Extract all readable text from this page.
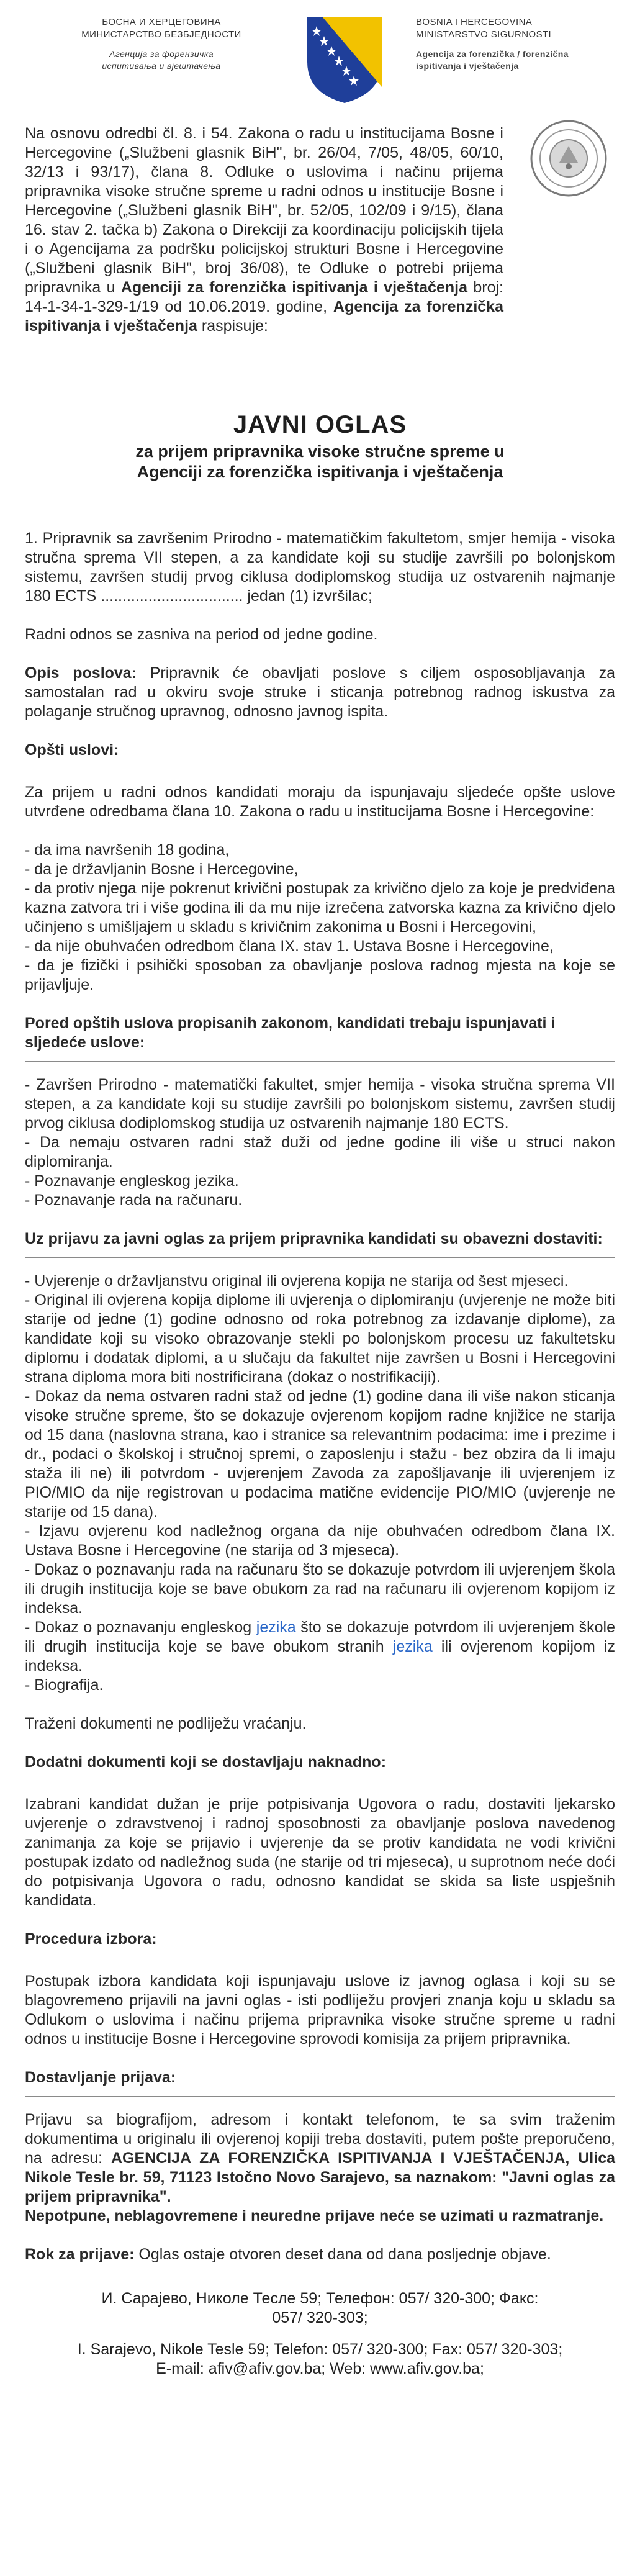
БОСНА И ХЕРЦЕГОВИНА
МИНИСТАРСТВО БЕЗБЈЕДНОСТИ
Агенција за форензичка
испитивања и вјештачења
BOSNIA I HERCEGOVINA
MINISTARSTVO SIGURNOSTI
Agencija za forenzička / forenzična
ispitivanja i vještačenja

Na osnovu odredbi čl. 8. i 54. Zakona o radu u institucijama Bosne i Hercegovine („Službeni glasnik BiH", br. 26/04, 7/05, 48/05, 60/10, 32/13 i 93/17), člana 8. Odluke o uslovima i načinu prijema pripravnika visoke stručne spreme u radni odnos u institucije Bosne i Hercegovine („Službeni glasnik BiH", br. 52/05, 102/09 i 9/15), člana 16. stav 2. tačka b) Zakona o Direkciji za koordinaciju policijskih tijela i o Agencijama za podršku policijskoj strukturi Bosne i Hercegovine („Službeni glasnik BiH", broj 36/08), te Odluke o potrebi prijema pripravnika u Agenciji za forenzička ispitivanja i vještačenja broj: 14-1-34-1-329-1/19 od 10.06.2019. godine, Agencija za forenzička ispitivanja i vještačenja raspisuje:

JAVNI OGLAS
za prijem pripravnika visoke stručne spreme u
Agenciji za forenzička ispitivanja i vještačenja

1. Pripravnik sa završenim Prirodno - matematičkim fakultetom, smjer hemija - visoka stručna sprema VII stepen, a za kandidate koji su studije završili po bolonjskom sistemu, završen studij prvog ciklusa dodiplomskog studija uz ostvarenih najmanje 180 ECTS ................................. jedan (1) izvršilac;

Radni odnos se zasniva na period od jedne godine.

Opis poslova: Pripravnik će obavljati poslove s ciljem osposobljavanja za samostalan rad u okviru svoje struke i sticanja potrebnog radnog iskustva za polaganje stručnog upravnog, odnosno javnog ispita.

Opšti uslovi:

Za prijem u radni odnos kandidati moraju da ispunjavaju sljedeće opšte uslove utvrđene odredbama člana 10. Zakona o radu u institucijama Bosne i Hercegovine:

- da ima navršenih 18 godina,

- da je državljanin Bosne i Hercegovine,

- da protiv njega nije pokrenut krivični postupak za krivično djelo za koje je predviđena kazna zatvora tri i više godina ili da mu nije izrečena zatvorska kazna za krivično djelo učinjeno s umišljajem u skladu s krivičnim zakonima u Bosni i Hercegovini,

- da nije obuhvaćen odredbom člana IX. stav 1. Ustava Bosne i Hercegovine,

- da je fizički i psihički sposoban za obavljanje poslova radnog mjesta na koje se prijavljuje.

Pored opštih uslova propisanih zakonom, kandidati trebaju ispunjavati i sljedeće uslove:

- Završen Prirodno - matematički fakultet, smjer hemija - visoka stručna sprema VII stepen, a za kandidate koji su studije završili po bolonjskom sistemu, završen studij prvog ciklusa dodiplomskog studija uz ostvarenih najmanje 180 ECTS.

- Da nemaju ostvaren radni staž duži od jedne godine ili više u struci nakon diplomiranja.

- Poznavanje engleskog jezika.

- Poznavanje rada na računaru.

Uz prijavu za javni oglas za prijem pripravnika kandidati su obavezni dostaviti:

- Uvjerenje o državljanstvu original ili ovjerena kopija ne starija od šest mjeseci.

- Original ili ovjerena kopija diplome ili uvjerenja o diplomiranju (uvjerenje ne može biti starije od jedne (1) godine odnosno od roka potrebnog za izdavanje diplome), za kandidate koji su visoko obrazovanje stekli po bolonjskom procesu uz fakultetsku diplomu i dodatak diplomi, a u slučaju da fakultet nije završen u Bosni i Hercegovini strana diploma mora biti nostrificirana (dokaz o nostrifikaciji).

- Dokaz da nema ostvaren radni staž od jedne (1) godine dana ili više nakon sticanja visoke stručne spreme, što se dokazuje ovjerenom kopijom radne knjižice ne starija od 15 dana (naslovna strana, kao i stranice sa relevantnim podacima: ime i prezime i dr., podaci o školskoj i stručnoj spremi, o zaposlenju i stažu - bez obzira da li imaju staža ili ne) ili potvrdom - uvjerenjem Zavoda za zapošljavanje ili uvjerenjem iz PIO/MIO da nije registrovan u podacima matične evidencije PIO/MIO (uvjerenje ne starije od 15 dana).

- Izjavu ovjerenu kod nadležnog organa da nije obuhvaćen odredbom člana IX. Ustava Bosne i Hercegovine (ne starija od 3 mjeseca).

- Dokaz o poznavanju rada na računaru što se dokazuje potvrdom ili uvjerenjem škola ili drugih institucija koje se bave obukom za rad na računaru ili ovjerenom kopijom iz indeksa.

- Dokaz o poznavanju engleskog jezika što se dokazuje potvrdom ili uvjerenjem škole ili drugih institucija koje se bave obukom stranih jezika ili ovjerenom kopijom iz indeksa.

- Biografija.

Traženi dokumenti ne podliježu vraćanju.

Dodatni dokumenti koji se dostavljaju naknadno:

Izabrani kandidat dužan je prije potpisivanja Ugovora o radu, dostaviti ljekarsko uvjerenje o zdravstvenoj i radnoj sposobnosti za obavljanje poslova navedenog zanimanja za koje se prijavio i uvjerenje da se protiv kandidata ne vodi krivični postupak izdato od nadležnog suda (ne starije od tri mjeseca), u suprotnom neće doći do potpisivanja Ugovora o radu, odnosno kandidat se skida sa liste uspješnih kandidata.

Procedura izbora:

Postupak izbora kandidata koji ispunjavaju uslove iz javnog oglasa i koji su se blagovremeno prijavili na javni oglas - isti podliježu provjeri znanja koju u skladu sa Odlukom o uslovima i načinu prijema pripravnika visoke stručne spreme u radni odnos u institucije Bosne i Hercegovine sprovodi komisija za prijem pripravnika.

Dostavljanje prijava:

Prijavu sa biografijom, adresom i kontakt telefonom, te sa svim traženim dokumentima u originalu ili ovjerenoj kopiji treba dostaviti, putem pošte preporučeno, na adresu: AGENCIJA ZA FORENZIČKA ISPITIVANJA I VJEŠTAČENJA, Ulica Nikole Tesle br. 59, 71123 Istočno Novo Sarajevo, sa naznakom: "Javni oglas za prijem pripravnika".

Nepotpune, neblagovremene i neuredne prijave neće se uzimati u razmatranje.

Rok za prijave: Oglas ostaje otvoren deset dana od dana posljednje objave.

И. Сарајево, Николе Тесле 59; Телефон: 057/ 320-300; Факс:
057/ 320-303;
I. Sarajevo, Nikole Tesle 59; Telefon: 057/ 320-300; Fax: 057/ 320-303;
E-mail: afiv@afiv.gov.ba; Web: www.afiv.gov.ba;
